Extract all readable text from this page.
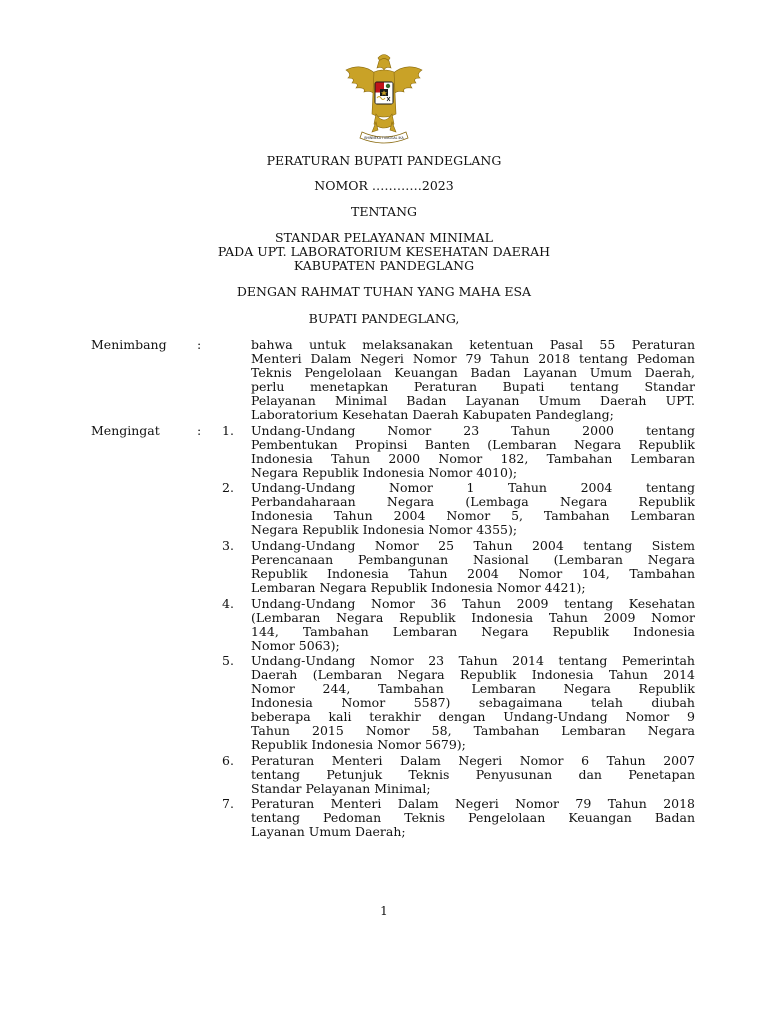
BHINNEKA TUNGGAL IKA
PERATURAN BUPATI PANDEGLANG
NOMOR …………2023
TENTANG
STANDAR PELAYANAN MINIMAL
PADA UPT. LABORATORIUM KESEHATAN DAERAH
KABUPATEN PANDEGLANG
DENGAN RAHMAT TUHAN YANG MAHA ESA
BUPATI PANDEGLANG,
Menimbang :	bahwa untuk melaksanakan ketentuan Pasal 55 Peraturan
Menteri Dalam Negeri Nomor 79 Tahun 2018 tentang Pedoman
Teknis Pengelolaan Keuangan Badan Layanan Umum Daerah,
perlu menetapkan Peraturan Bupati tentang Standar
Pelayanan Minimal Badan Layanan Umum Daerah UPT.
Laboratorium Kesehatan Daerah Kabupaten Pandeglang;
Mengingat	: 1. Undang-Undang Nomor 23 Tahun 2000 tentang
Pembentukan Propinsi Banten (Lembaran Negara Republik
Indonesia Tahun 2000 Nomor 182, Tambahan Lembaran
Negara Republik Indonesia Nomor 4010);
2. Undang-Undang Nomor 1 Tahun 2004 tentang
Perbandaharaan Negara (Lembaga Negara Republik
Indonesia Tahun 2004 Nomor 5, Tambahan Lembaran
Negara Republik Indonesia Nomor 4355);
3. Undang-Undang Nomor 25 Tahun 2004 tentang Sistem
Perencanaan Pembangunan Nasional (Lembaran Negara
Republik Indonesia Tahun 2004 Nomor 104, Tambahan
Lembaran Negara Republik Indonesia Nomor 4421);
4. Undang-Undang Nomor 36 Tahun 2009 tentang Kesehatan
(Lembaran Negara Republik Indonesia Tahun 2009 Nomor
144, Tambahan Lembaran Negara Republik Indonesia
Nomor 5063);
5. Undang-Undang Nomor 23 Tahun 2014 tentang Pemerintah
Daerah (Lembaran Negara Republik Indonesia Tahun 2014
Nomor 244, Tambahan Lembaran Negara Republik
Indonesia Nomor 5587) sebagaimana telah diubah
beberapa kali terakhir dengan Undang-Undang Nomor 9
Tahun 2015 Nomor 58, Tambahan Lembaran Negara
Republik Indonesia Nomor 5679);
6. Peraturan Menteri Dalam Negeri Nomor 6 Tahun 2007
tentang Petunjuk Teknis Penyusunan dan Penetapan
Standar Pelayanan Minimal;
7. Peraturan Menteri Dalam Negeri Nomor 79 Tahun 2018
tentang Pedoman Teknis Pengelolaan Keuangan Badan
Layanan Umum Daerah;
1
